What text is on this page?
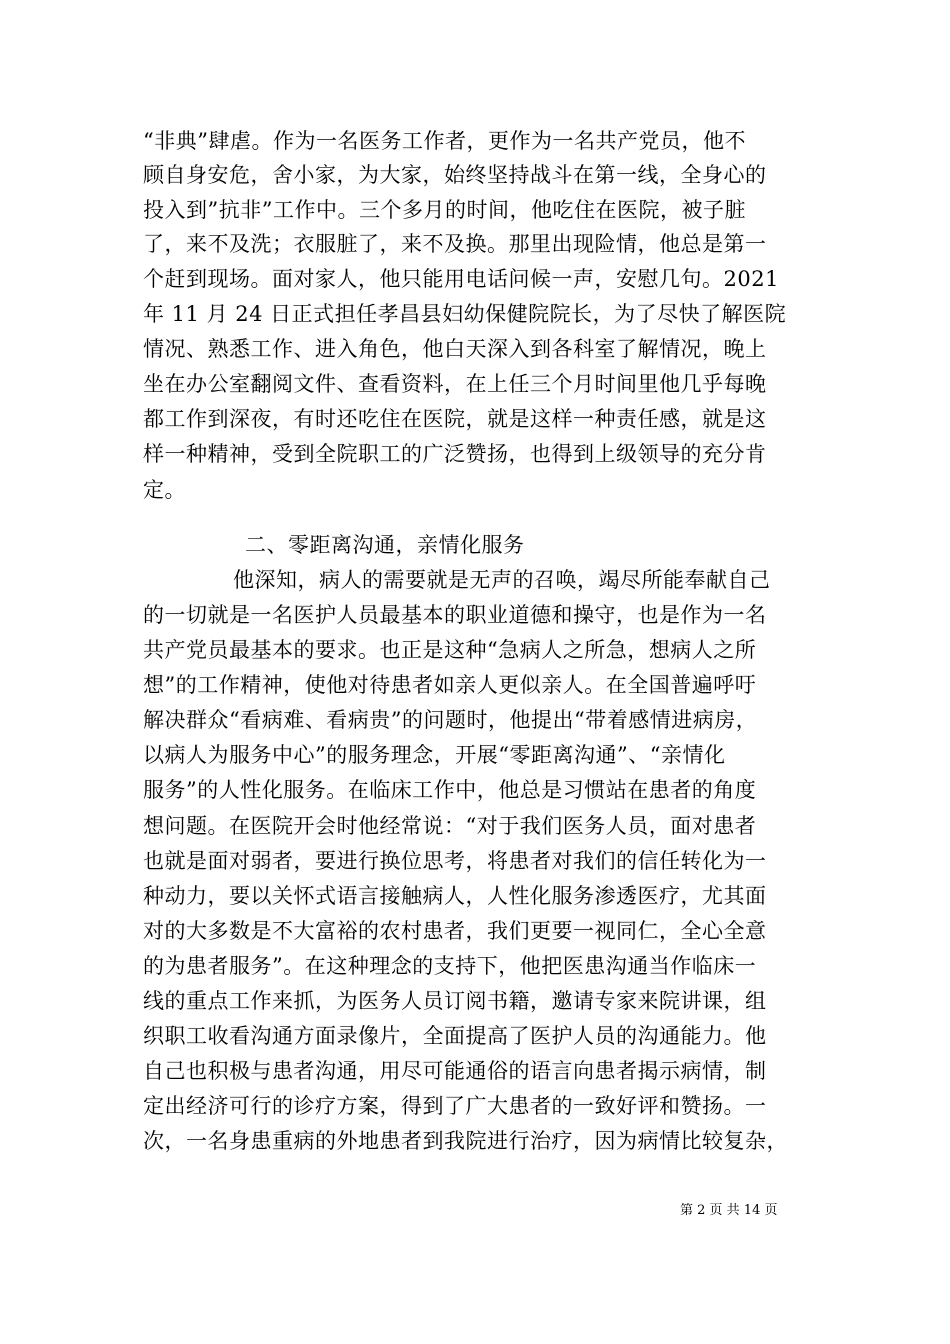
“非典”肆虐。作为一名医务工作者，更作为一名共产党员，他不
顾自身安危，舍小家，为大家，始终坚持战斗在第一线，全身心的
投入到”抗非”工作中。三个多月的时间，他吃住在医院，被子脏
了，来不及洗；衣服脏了，来不及换。那里出现险情，他总是第一
个赶到现场。面对家人，他只能用电话问候一声，安慰几句。2021
年 11 月 24 日正式担任孝昌县妇幼保健院院长，为了尽快了解医院
情况、熟悉工作、进入角色，他白天深入到各科室了解情况，晚上
坐在办公室翻阅文件、查看资料，在上任三个月时间里他几乎每晚
都工作到深夜，有时还吃住在医院，就是这样一种责任感，就是这
样一种精神，受到全院职工的广泛赞扬，也得到上级领导的充分肯
定。
二、零距离沟通，亲情化服务
他深知，病人的需要就是无声的召唤，竭尽所能奉献自己
的一切就是一名医护人员最基本的职业道德和操守，也是作为一名
共产党员最基本的要求。也正是这种“急病人之所急，想病人之所
想”的工作精神，使他对待患者如亲人更似亲人。在全国普遍呼吁
解决群众“看病难、看病贵”的问题时，他提出“带着感情进病房，
以病人为服务中心”的服务理念，开展“零距离沟通”、“亲情化
服务”的人性化服务。在临床工作中，他总是习惯站在患者的角度
想问题。在医院开会时他经常说：“对于我们医务人员，面对患者
也就是面对弱者，要进行换位思考，将患者对我们的信任转化为一
种动力，要以关怀式语言接触病人，人性化服务渗透医疗，尤其面
对的大多数是不大富裕的农村患者，我们更要一视同仁，全心全意
的为患者服务”。在这种理念的支持下，他把医患沟通当作临床一
线的重点工作来抓，为医务人员订阅书籍，邀请专家来院讲课，组
织职工收看沟通方面录像片，全面提高了医护人员的沟通能力。他
自己也积极与患者沟通，用尽可能通俗的语言向患者揭示病情，制
定出经济可行的诊疗方案，得到了广大患者的一致好评和赞扬。一
次，一名身患重病的外地患者到我院进行治疗，因为病情比较复杂，
第 2 页 共 14 页
